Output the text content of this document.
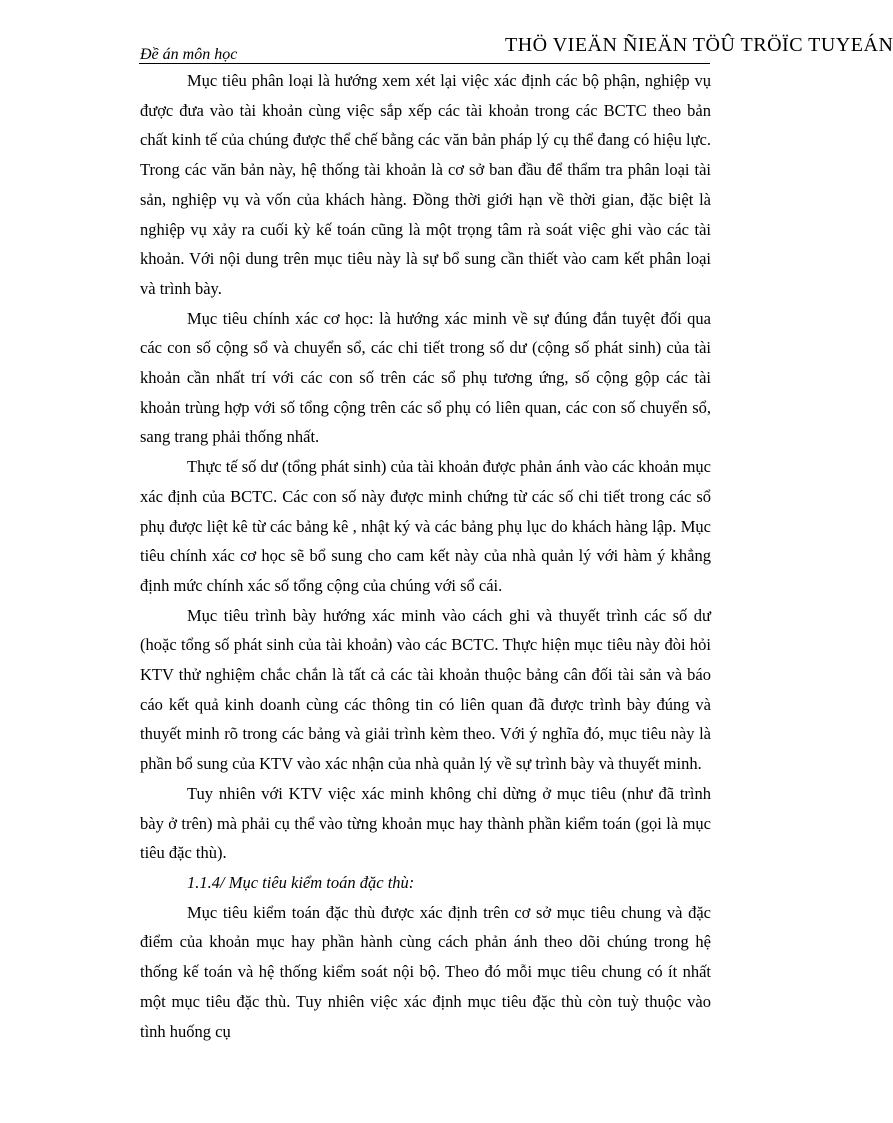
Đề án môn học	THÖ VIEÄN ÑIEÄN TÖÛ TRÖÏC TUYEÁN

Mục tiêu phân loại là hướng xem xét lại việc xác định các bộ phận, nghiệp vụ được đưa vào tài khoản cùng việc sắp xếp các tài khoản trong các BCTC theo bản chất kinh tế của chúng được thể chế bằng các văn bản pháp lý cụ thể đang có hiệu lực. Trong các văn bản này, hệ thống tài khoản là cơ sở ban đầu để thẩm tra phân loại tài sản, nghiệp vụ và vốn của khách hàng. Đồng thời giới hạn về thời gian, đặc biệt là nghiệp vụ xảy ra cuối kỳ kế toán cũng là một trọng tâm rà soát việc ghi vào các tài khoản. Với nội dung trên mục tiêu này là sự bổ sung cần thiết vào cam kết phân loại và trình bày.

Mục tiêu chính xác cơ học: là hướng xác minh về sự đúng đắn tuyệt đối qua các con số cộng sổ và chuyển sổ, các chi tiết trong số dư (cộng số phát sinh) của tài khoản cần nhất trí với các con số trên các sổ phụ tương ứng, số cộng gộp các tài khoản trùng hợp với số tổng cộng trên các sổ phụ có liên quan, các con số chuyển sổ, sang trang phải thống nhất.

Thực tế số dư (tổng phát sinh) của tài khoản được phản ánh vào các khoản mục xác định của BCTC. Các con số này được minh chứng từ các số chi tiết trong các sổ phụ được liệt kê từ các bảng kê , nhật ký và các bảng phụ lục do khách hàng lập. Mục tiêu chính xác cơ học sẽ bổ sung cho cam kết này của nhà quản lý với hàm ý khẳng định mức chính xác số tổng cộng của chúng với sổ cái.

Mục tiêu trình bày hướng xác minh vào cách ghi và thuyết trình các số dư (hoặc tổng số phát sinh của tài khoản) vào các BCTC. Thực hiện mục tiêu này đòi hỏi KTV thử nghiệm chắc chắn là tất cả các tài khoản thuộc bảng cân đối tài sản và báo cáo kết quả kinh doanh cùng các thông tin có liên quan đã được trình bày đúng và thuyết minh rõ trong các bảng và giải trình kèm theo. Với ý nghĩa đó, mục tiêu này là phần bổ sung của KTV vào xác nhận của nhà quản lý về sự trình bày và thuyết minh.

Tuy nhiên với KTV việc xác minh không chỉ dừng ở mục tiêu (như đã trình bày ở trên) mà phải cụ thể vào từng khoản mục hay thành phần kiểm toán (gọi là mục tiêu đặc thù).

1.1.4/ Mục tiêu kiểm toán đặc thù:

Mục tiêu kiểm toán đặc thù được xác định trên cơ sở mục tiêu chung và đặc điểm của khoản mục hay phần hành cùng cách phản ánh theo dõi chúng trong hệ thống kế toán và hệ thống kiểm soát nội bộ. Theo đó mỗi mục tiêu chung có ít nhất một mục tiêu đặc thù. Tuy nhiên việc xác định mục tiêu đặc thù còn tuỳ thuộc vào tình huống cụ
